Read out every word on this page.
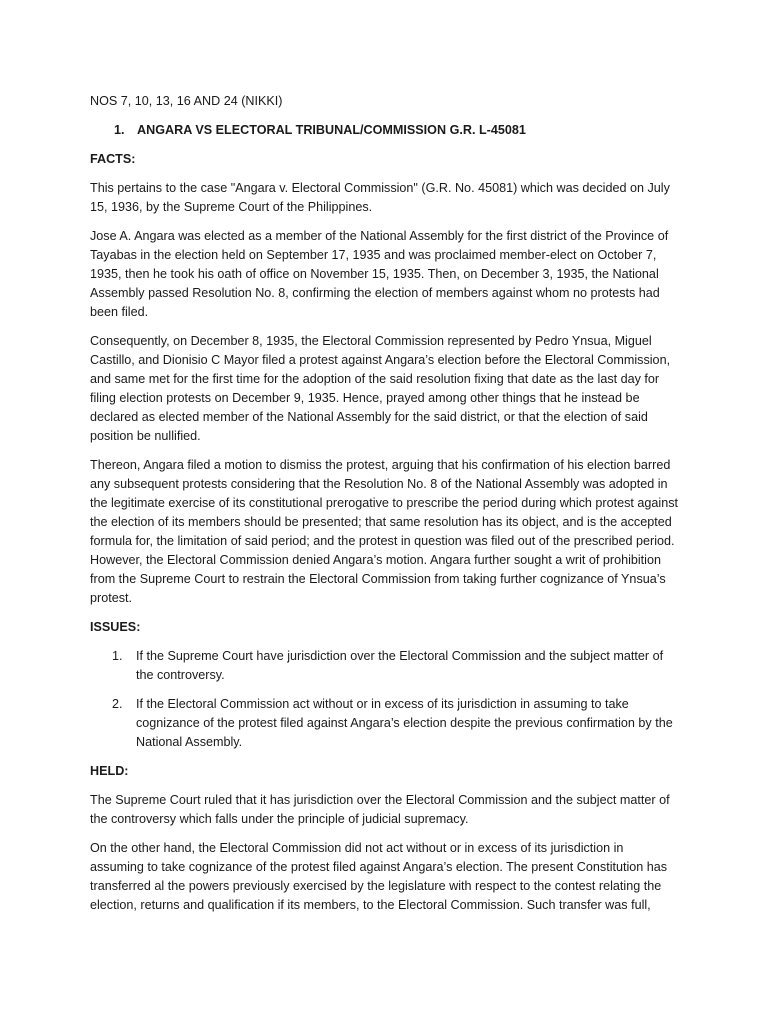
NOS 7, 10, 13, 16 AND 24 (NIKKI)

1. ANGARA VS ELECTORAL TRIBUNAL/COMMISSION G.R. L-45081

FACTS:

This pertains to the case "Angara v. Electoral Commission" (G.R. No. 45081) which was decided on July 15, 1936, by the Supreme Court of the Philippines.

Jose A. Angara was elected as a member of the National Assembly for the first district of the Province of Tayabas in the election held on September 17, 1935 and was proclaimed member-elect on October 7, 1935, then he took his oath of office on November 15, 1935. Then, on December 3, 1935, the National Assembly passed Resolution No. 8, confirming the election of members against whom no protests had been filed.

Consequently, on December 8, 1935, the Electoral Commission represented by Pedro Ynsua, Miguel Castillo, and Dionisio C Mayor filed a protest against Angara’s election before the Electoral Commission, and same met for the first time for the adoption of the said resolution fixing that date as the last day for filing election protests on December 9, 1935. Hence, prayed among other things that he instead be declared as elected member of the National Assembly for the said district, or that the election of said position be nullified.

Thereon, Angara filed a motion to dismiss the protest, arguing that his confirmation of his election barred any subsequent protests considering that the Resolution No. 8 of the National Assembly was adopted in the legitimate exercise of its constitutional prerogative to prescribe the period during which protest against the election of its members should be presented; that same resolution has its object, and is the accepted formula for, the limitation of said period; and the protest in question was filed out of the prescribed period. However, the Electoral Commission denied Angara’s motion. Angara further sought a writ of prohibition from the Supreme Court to restrain the Electoral Commission from taking further cognizance of Ynsua’s protest.

ISSUES:

1. If the Supreme Court have jurisdiction over the Electoral Commission and the subject matter of the controversy.
2. If the Electoral Commission act without or in excess of its jurisdiction in assuming to take cognizance of the protest filed against Angara’s election despite the previous confirmation by the National Assembly.

HELD:

The Supreme Court ruled that it has jurisdiction over the Electoral Commission and the subject matter of the controversy which falls under the principle of judicial supremacy.

On the other hand, the Electoral Commission did not act without or in excess of its jurisdiction in assuming to take cognizance of the protest filed against Angara’s election. The present Constitution has transferred al the powers previously exercised by the legislature with respect to the contest relating the election, returns and qualification if its members, to the Electoral Commission. Such transfer was full,
